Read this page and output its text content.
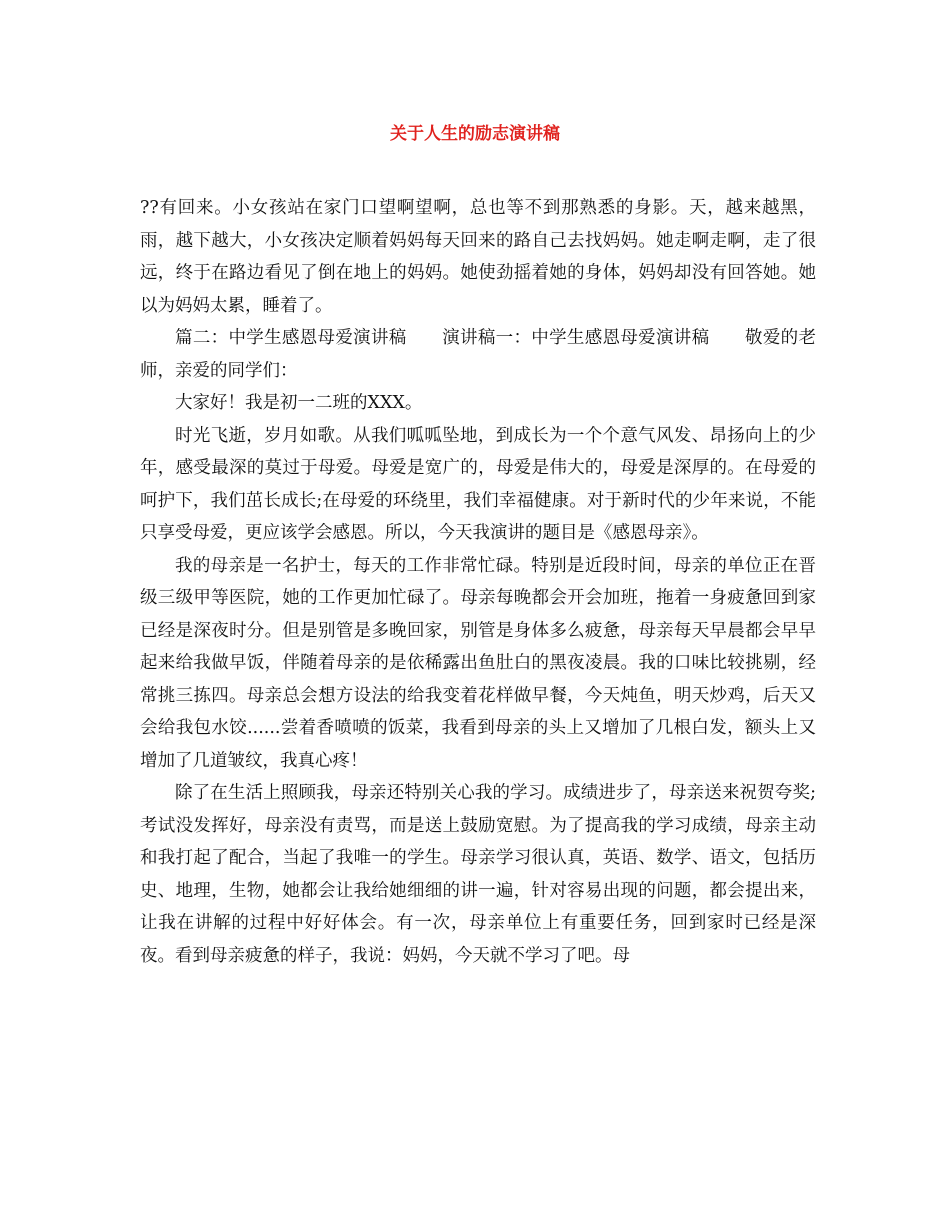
关于人生的励志演讲稿

??有回来。小女孩站在家门口望啊望啊，总也等不到那熟悉的身影。天，越来越黑，雨，越下越大，小女孩决定顺着妈妈每天回来的路自己去找妈妈。她走啊走啊，走了很远，终于在路边看见了倒在地上的妈妈。她使劲摇着她的身体，妈妈却没有回答她。她以为妈妈太累，睡着了。

篇二：中学生感恩母爱演讲稿　　演讲稿一：中学生感恩母爱演讲稿　　敬爱的老师，亲爱的同学们：

大家好！我是初一二班的XXX。

时光飞逝，岁月如歌。从我们呱呱坠地，到成长为一个个意气风发、昂扬向上的少年，感受最深的莫过于母爱。母爱是宽广的，母爱是伟大的，母爱是深厚的。在母爱的呵护下，我们茁长成长;在母爱的环绕里，我们幸福健康。对于新时代的少年来说，不能只享受母爱，更应该学会感恩。所以，今天我演讲的题目是《感恩母亲》。

我的母亲是一名护士，每天的工作非常忙碌。特别是近段时间，母亲的单位正在晋级三级甲等医院，她的工作更加忙碌了。母亲每晚都会开会加班，拖着一身疲惫回到家已经是深夜时分。但是别管是多晚回家，别管是身体多么疲惫，母亲每天早晨都会早早起来给我做早饭，伴随着母亲的是依稀露出鱼肚白的黑夜凌晨。我的口味比较挑剔，经常挑三拣四。母亲总会想方设法的给我变着花样做早餐，今天炖鱼，明天炒鸡，后天又会给我包水饺......尝着香喷喷的饭菜，我看到母亲的头上又增加了几根白发，额头上又增加了几道皱纹，我真心疼！

除了在生活上照顾我，母亲还特别关心我的学习。成绩进步了，母亲送来祝贺夸奖;考试没发挥好，母亲没有责骂，而是送上鼓励宽慰。为了提高我的学习成绩，母亲主动和我打起了配合，当起了我唯一的学生。母亲学习很认真，英语、数学、语文，包括历史、地理，生物，她都会让我给她细细的讲一遍，针对容易出现的问题，都会提出来，让我在讲解的过程中好好体会。有一次，母亲单位上有重要任务，回到家时已经是深夜。看到母亲疲惫的样子，我说：妈妈，今天就不学习了吧。母
